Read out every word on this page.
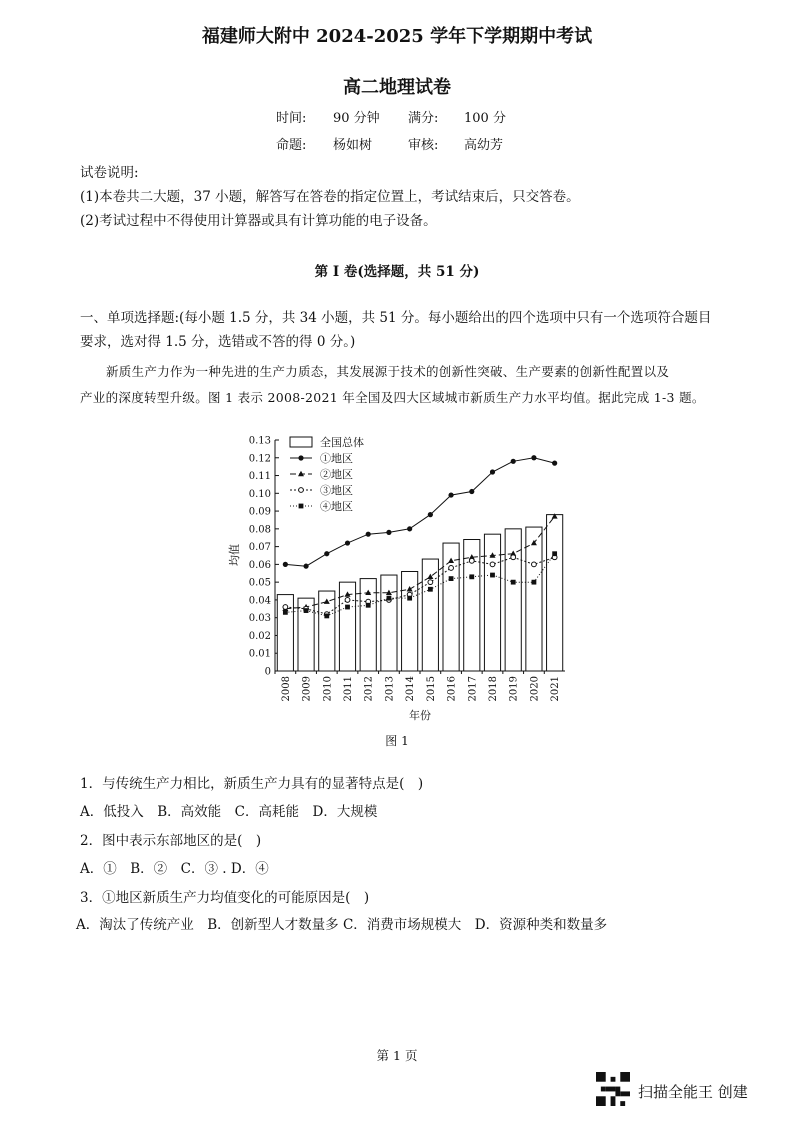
福建师大附中 2024-2025 学年下学期期中考试
高二地理试卷
时间: 90 分钟 满分: 100 分
命题: 杨如树	审核: 高幼芳
试卷说明:
(1)本卷共二大题，37 小题，解答写在答卷的指定位置上，考试结束后，只交答卷。
(2)考试过程中不得使用计算器或具有计算功能的电子设备。
第 I 卷(选择题，共 51 分)
一、单项选择题:(每小题 1.5 分，共 34 小题，共 51 分。每小题给出的四个选项中只有一个选项符合题目
要求，选对得 1.5 分，选错或不答的得 0 分。)
新质生产力作为一种先进的生产力质态，其发展源于技术的创新性突破、生产要素的创新性配置以及
产业的深度转型升级。图 1 表示 2008-2021 年全国及四大区域城市新质生产力水平均值。据此完成 1-3 题。
0
0.01
0.02
0.03
0.04
0.05
0.06
0.07
0.08
0.09
0.10
0.11
0.12
0.13
2008 2009 2010 2011 2012 2013 2014 2015 2016 2017 2018 2019 2020 2021
均值
年份
全国总体
①地区
②地区
③地区
④地区
图 1
1．与传统生产力相比，新质生产力具有的显著特点是(　)
A．低投入　B．高效能　C．高耗能　D．大规模
2．图中表示东部地区的是(　)
A．①　B．②　C．③ . D．④
3．①地区新质生产力均值变化的可能原因是(　)
A．淘汰了传统产业　B．创新型人才数量多 C．消费市场规模大　D．资源种类和数量多
第 1 页
扫描全能王 创建
